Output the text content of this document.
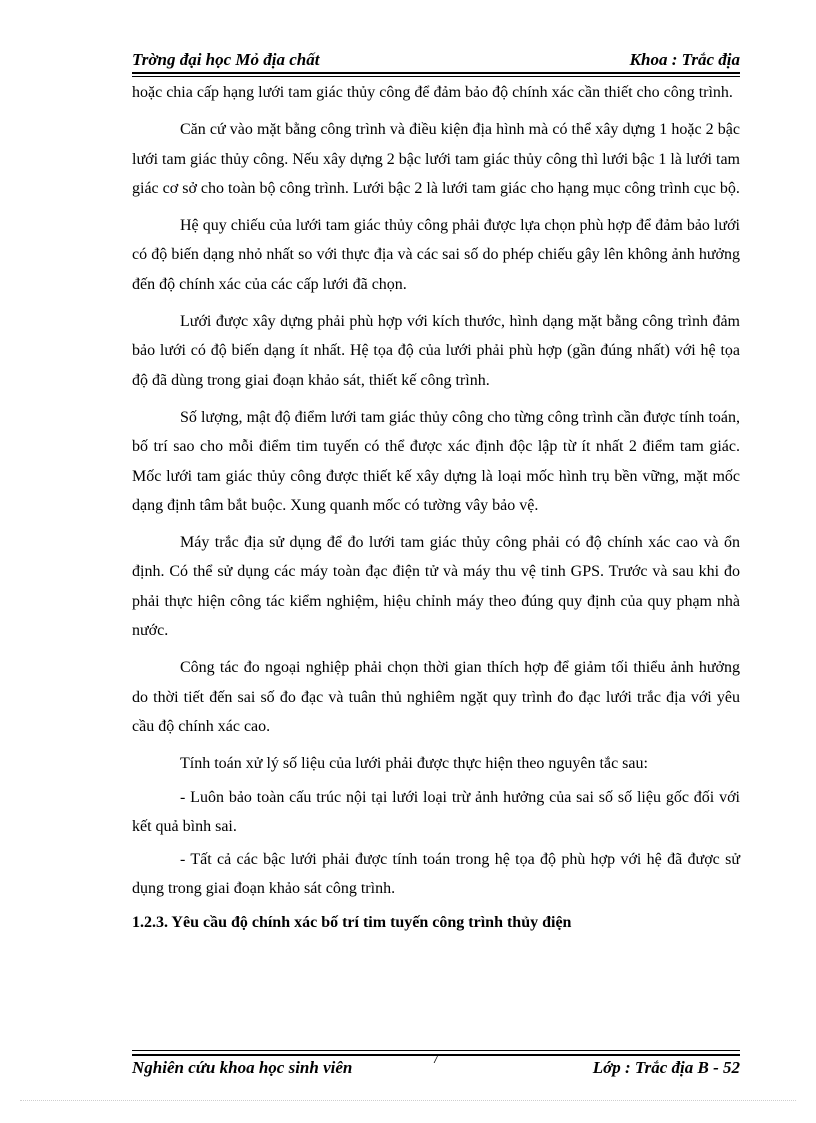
Trờng đại học Mỏ địa chất	Khoa : Trắc địa

hoặc chia cấp hạng lưới tam giác thủy công để đảm bảo độ chính xác cần thiết cho công trình.

Căn cứ vào mặt bằng công trình và điều kiện địa hình mà có thể xây dựng 1 hoặc 2 bậc lưới tam giác thủy công. Nếu xây dựng 2 bậc lưới tam giác thủy công thì lưới bậc 1 là lưới tam giác cơ sở cho toàn bộ công trình. Lưới bậc 2 là lưới tam giác cho hạng mục công trình cục bộ.

Hệ quy chiếu của lưới tam giác thủy công phải được lựa chọn phù hợp để đảm bảo lưới có độ biến dạng nhỏ nhất so với thực địa và các sai số do phép chiếu gây lên không ảnh hưởng đến độ chính xác của các cấp lưới đã chọn.

Lưới được xây dựng phải phù hợp với kích thước, hình dạng mặt bằng công trình đảm bảo lưới có độ biến dạng ít nhất. Hệ tọa độ của lưới phải phù hợp (gần đúng nhất) với hệ tọa độ đã dùng trong giai đoạn khảo sát, thiết kế công trình.

Số lượng, mật độ điểm lưới tam giác thủy công cho từng công trình cần được tính toán, bố trí sao cho mỗi điểm tim tuyến có thể được xác định độc lập từ ít nhất 2 điểm tam giác. Mốc lưới tam giác thủy công được thiết kế xây dựng là loại mốc hình trụ bền vững, mặt mốc dạng định tâm bắt buộc. Xung quanh mốc có tường vây bảo vệ.

Máy trắc địa sử dụng để đo lưới tam giác thủy công phải có độ chính xác cao và ổn định. Có thể sử dụng các máy toàn đạc điện tử và máy thu vệ tinh GPS. Trước và sau khi đo phải thực hiện công tác kiểm nghiệm, hiệu chỉnh máy theo đúng quy định của quy phạm nhà nước.

Công tác đo ngoại nghiệp phải chọn thời gian thích hợp để giảm tối thiểu ảnh hưởng do thời tiết đến sai số đo đạc và tuân thủ nghiêm ngặt quy trình đo đạc lưới trắc địa với yêu cầu độ chính xác cao.

Tính toán xử lý số liệu của lưới phải được thực hiện theo nguyên tắc sau:

- Luôn bảo toàn cấu trúc nội tại lưới loại trừ ảnh hưởng của sai số số liệu gốc đối với kết quả bình sai.

- Tất cả các bậc lưới phải được tính toán trong hệ tọa độ phù hợp với hệ đã được sử dụng trong giai đoạn khảo sát công trình.

1.2.3. Yêu cầu độ chính xác bố trí tim tuyến công trình thủy điện
Nghiên cứu khoa học sinh viên	7	Lớp : Trắc địa B - 52
